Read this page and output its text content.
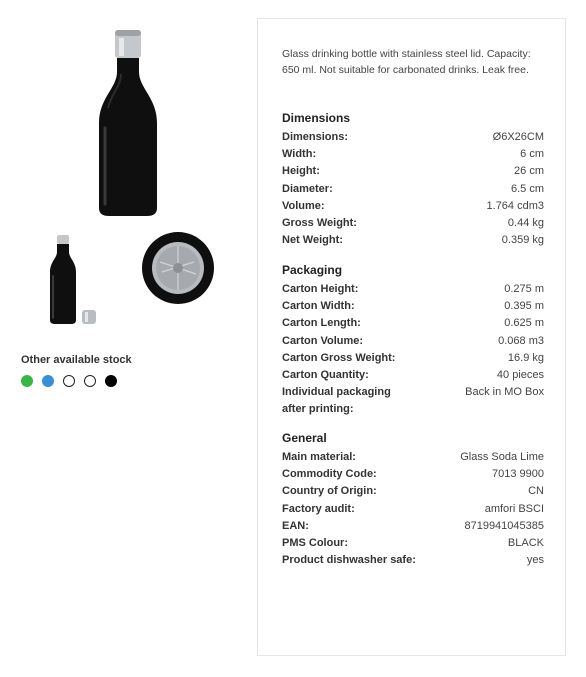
Other available stock
Glass drinking bottle with stainless steel lid. Capacity: 650 ml. Not suitable for carbonated drinks. Leak free.
Dimensions
Dimensions:	Ø6X26CM
Width:	6 cm
Height:	26 cm
Diameter:	6.5 cm
Volume:	1.764 cdm3
Gross Weight:	0.44 kg
Net Weight:	0.359 kg
Packaging
Carton Height:	0.275 m
Carton Width:	0.395 m
Carton Length:	0.625 m
Carton Volume:	0.068 m3
Carton Gross Weight:	16.9 kg
Carton Quantity:	40 pieces
Individual packaging after printing:
Back in MO Box
General
Main material:	Glass Soda Lime
Commodity Code:	7013 9900
Country of Origin:	CN
Factory audit:	amfori BSCI
EAN:	8719941045385
PMS Colour:	BLACK
Product dishwasher safe:	yes
